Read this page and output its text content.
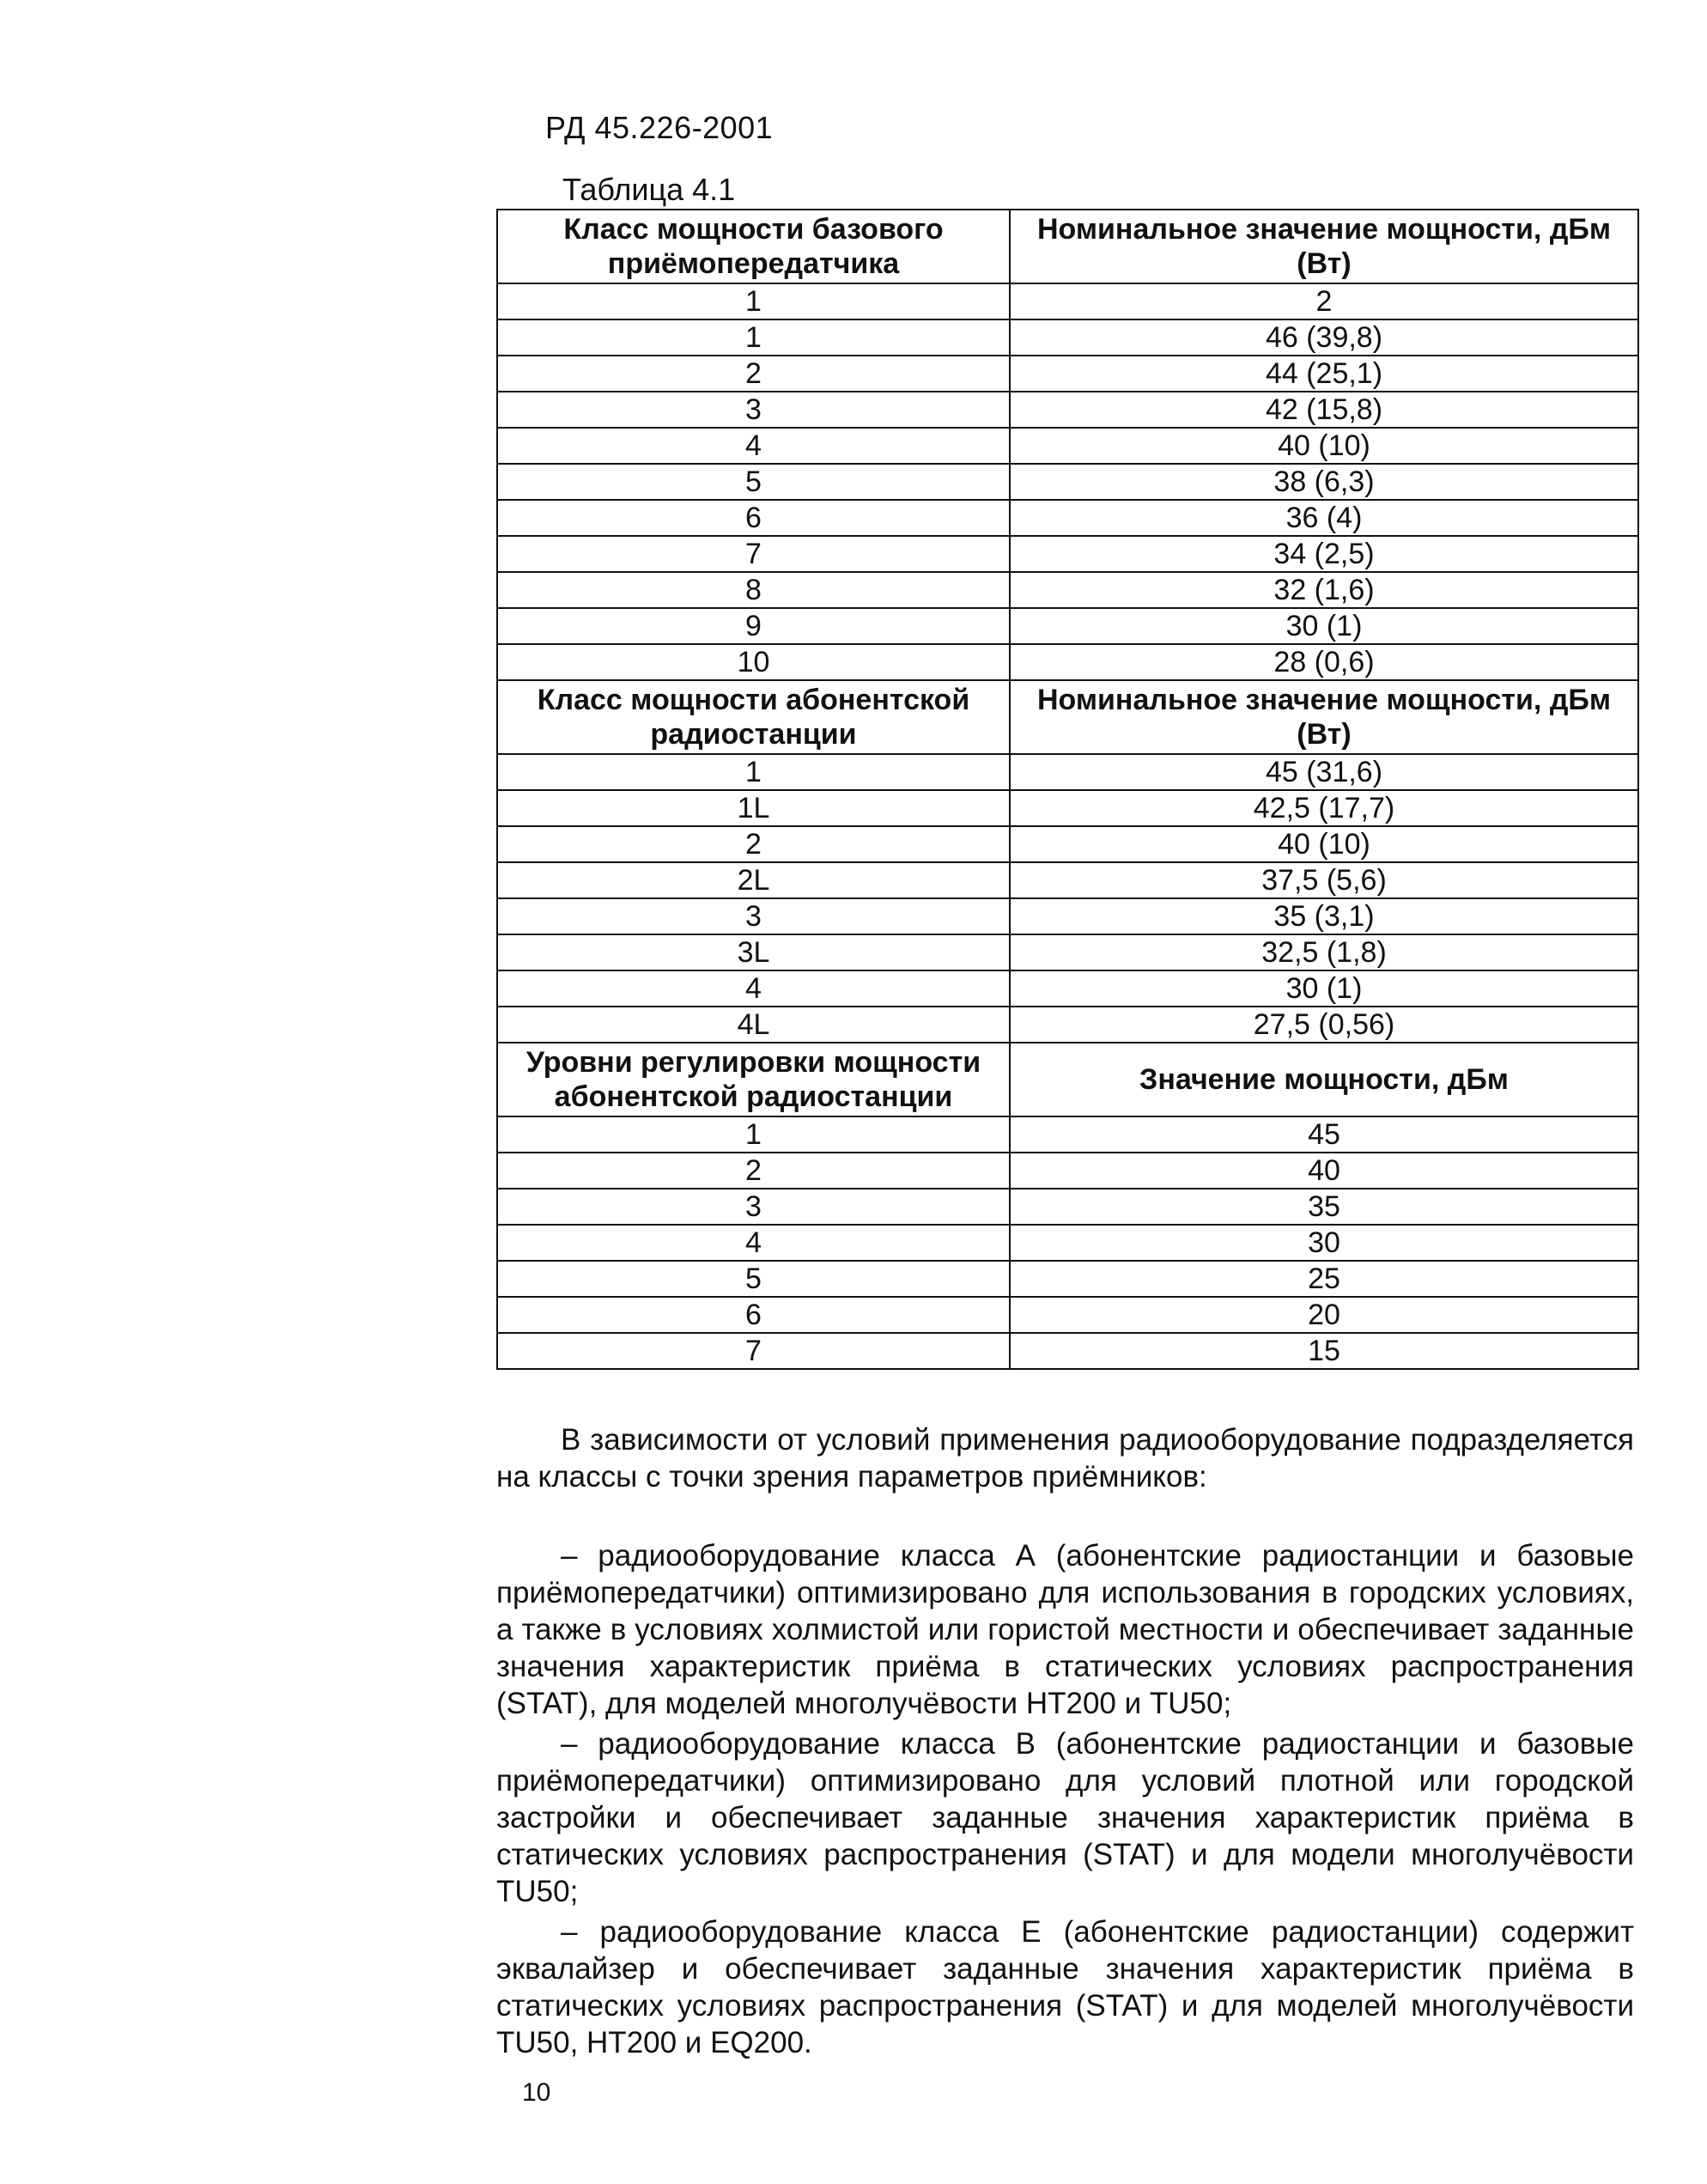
РД 45.226-2001
Таблица 4.1
Класс мощности базового приёмопередатчика	Номинальное значение мощности, дБм (Вт)
1	2
1	46 (39,8)
2	44 (25,1)
3	42 (15,8)
4	40 (10)
5	38 (6,3)
6	36 (4)
7	34 (2,5)
8	32 (1,6)
9	30 (1)
10	28 (0,6)
Класс мощности абонентской радиостанции	Номинальное значение мощности, дБм (Вт)
1	45 (31,6)
1L	42,5 (17,7)
2	40 (10)
2L	37,5 (5,6)
3	35 (3,1)
3L	32,5 (1,8)
4	30 (1)
4L	27,5 (0,56)
Уровни регулировки мощности абонентской радиостанции	Значение мощности, дБм
1	45
2	40
3	35
4	30
5	25
6	20
7	15
В зависимости от условий применения радиооборудование подразделяется на классы с точки зрения параметров приёмников:

– радиооборудование класса А (абонентские радиостанции и базовые приёмопередатчики) оптимизировано для использования в городских условиях, а также в условиях холмистой или гористой местности и обеспечивает заданные значения характеристик приёма в статических условиях распространения (STAT), для моделей многолучёвости HT200 и TU50;

– радиооборудование класса В (абонентские радиостанции и базовые приёмопередатчики) оптимизировано для условий плотной или городской застройки и обеспечивает заданные значения характеристик приёма в статических условиях распространения (STAT) и для модели многолучёвости TU50;

– радиооборудование класса Е (абонентские радиостанции) содержит эквалайзер и обеспечивает заданные значения характеристик приёма в статических условиях распространения (STAT) и для моделей многолучёвости TU50, HT200 и EQ200.

10
